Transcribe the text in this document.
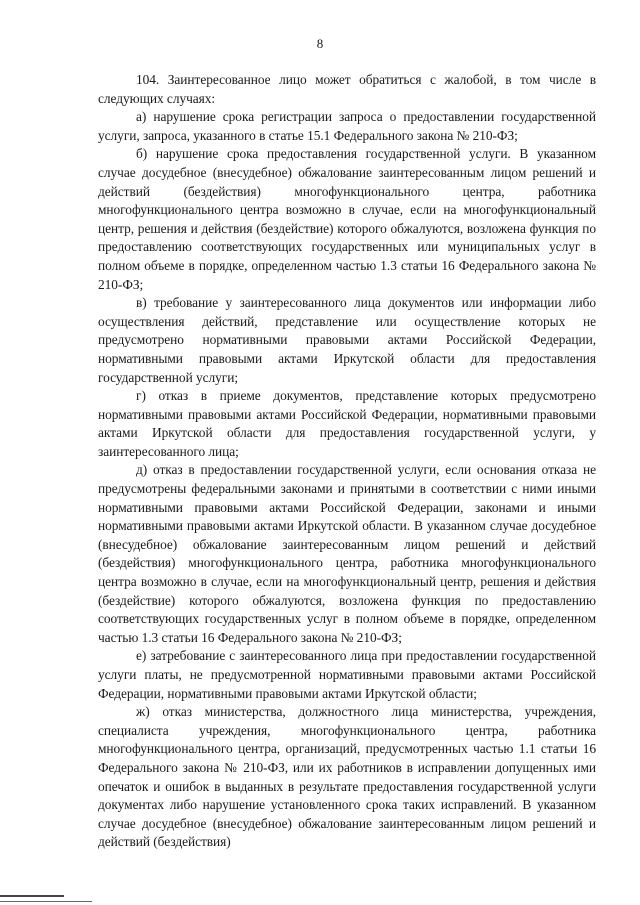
8

104. Заинтересованное лицо может обратиться с жалобой, в том числе в следующих случаях:

а) нарушение срока регистрации запроса о предоставлении государственной услуги, запроса, указанного в статье 15.1 Федерального закона № 210-ФЗ;

б) нарушение срока предоставления государственной услуги. В указанном случае досудебное (внесудебное) обжалование заинтересованным лицом решений и действий (бездействия) многофункционального центра, работника многофункционального центра возможно в случае, если на многофункциональный центр, решения и действия (бездействие) которого обжалуются, возложена функция по предоставлению соответствующих государственных или муниципальных услуг в полном объеме в порядке, определенном частью 1.3 статьи 16 Федерального закона № 210-ФЗ;

в) требование у заинтересованного лица документов или информации либо осуществления действий, представление или осуществление которых не предусмотрено нормативными правовыми актами Российской Федерации, нормативными правовыми актами Иркутской области для предоставления государственной услуги;

г) отказ в приеме документов, представление которых предусмотрено нормативными правовыми актами Российской Федерации, нормативными правовыми актами Иркутской области для предоставления государственной услуги, у заинтересованного лица;

д) отказ в предоставлении государственной услуги, если основания отказа не предусмотрены федеральными законами и принятыми в соответствии с ними иными нормативными правовыми актами Российской Федерации, законами и иными нормативными правовыми актами Иркутской области. В указанном случае досудебное (внесудебное) обжалование заинтересованным лицом решений и действий (бездействия) многофункционального центра, работника многофункционального центра возможно в случае, если на многофункциональный центр, решения и действия (бездействие) которого обжалуются, возложена функция по предоставлению соответствующих государственных услуг в полном объеме в порядке, определенном частью 1.3 статьи 16 Федерального закона № 210-ФЗ;

е) затребование с заинтересованного лица при предоставлении государственной услуги платы, не предусмотренной нормативными правовыми актами Российской Федерации, нормативными правовыми актами Иркутской области;

ж) отказ министерства, должностного лица министерства, учреждения, специалиста учреждения, многофункционального центра, работника многофункционального центра, организаций, предусмотренных частью 1.1 статьи 16 Федерального закона № 210-ФЗ, или их работников в исправлении допущенных ими опечаток и ошибок в выданных в результате предоставления государственной услуги документах либо нарушение установленного срока таких исправлений. В указанном случае досудебное (внесудебное) обжалование заинтересованным лицом решений и действий (бездействия)
